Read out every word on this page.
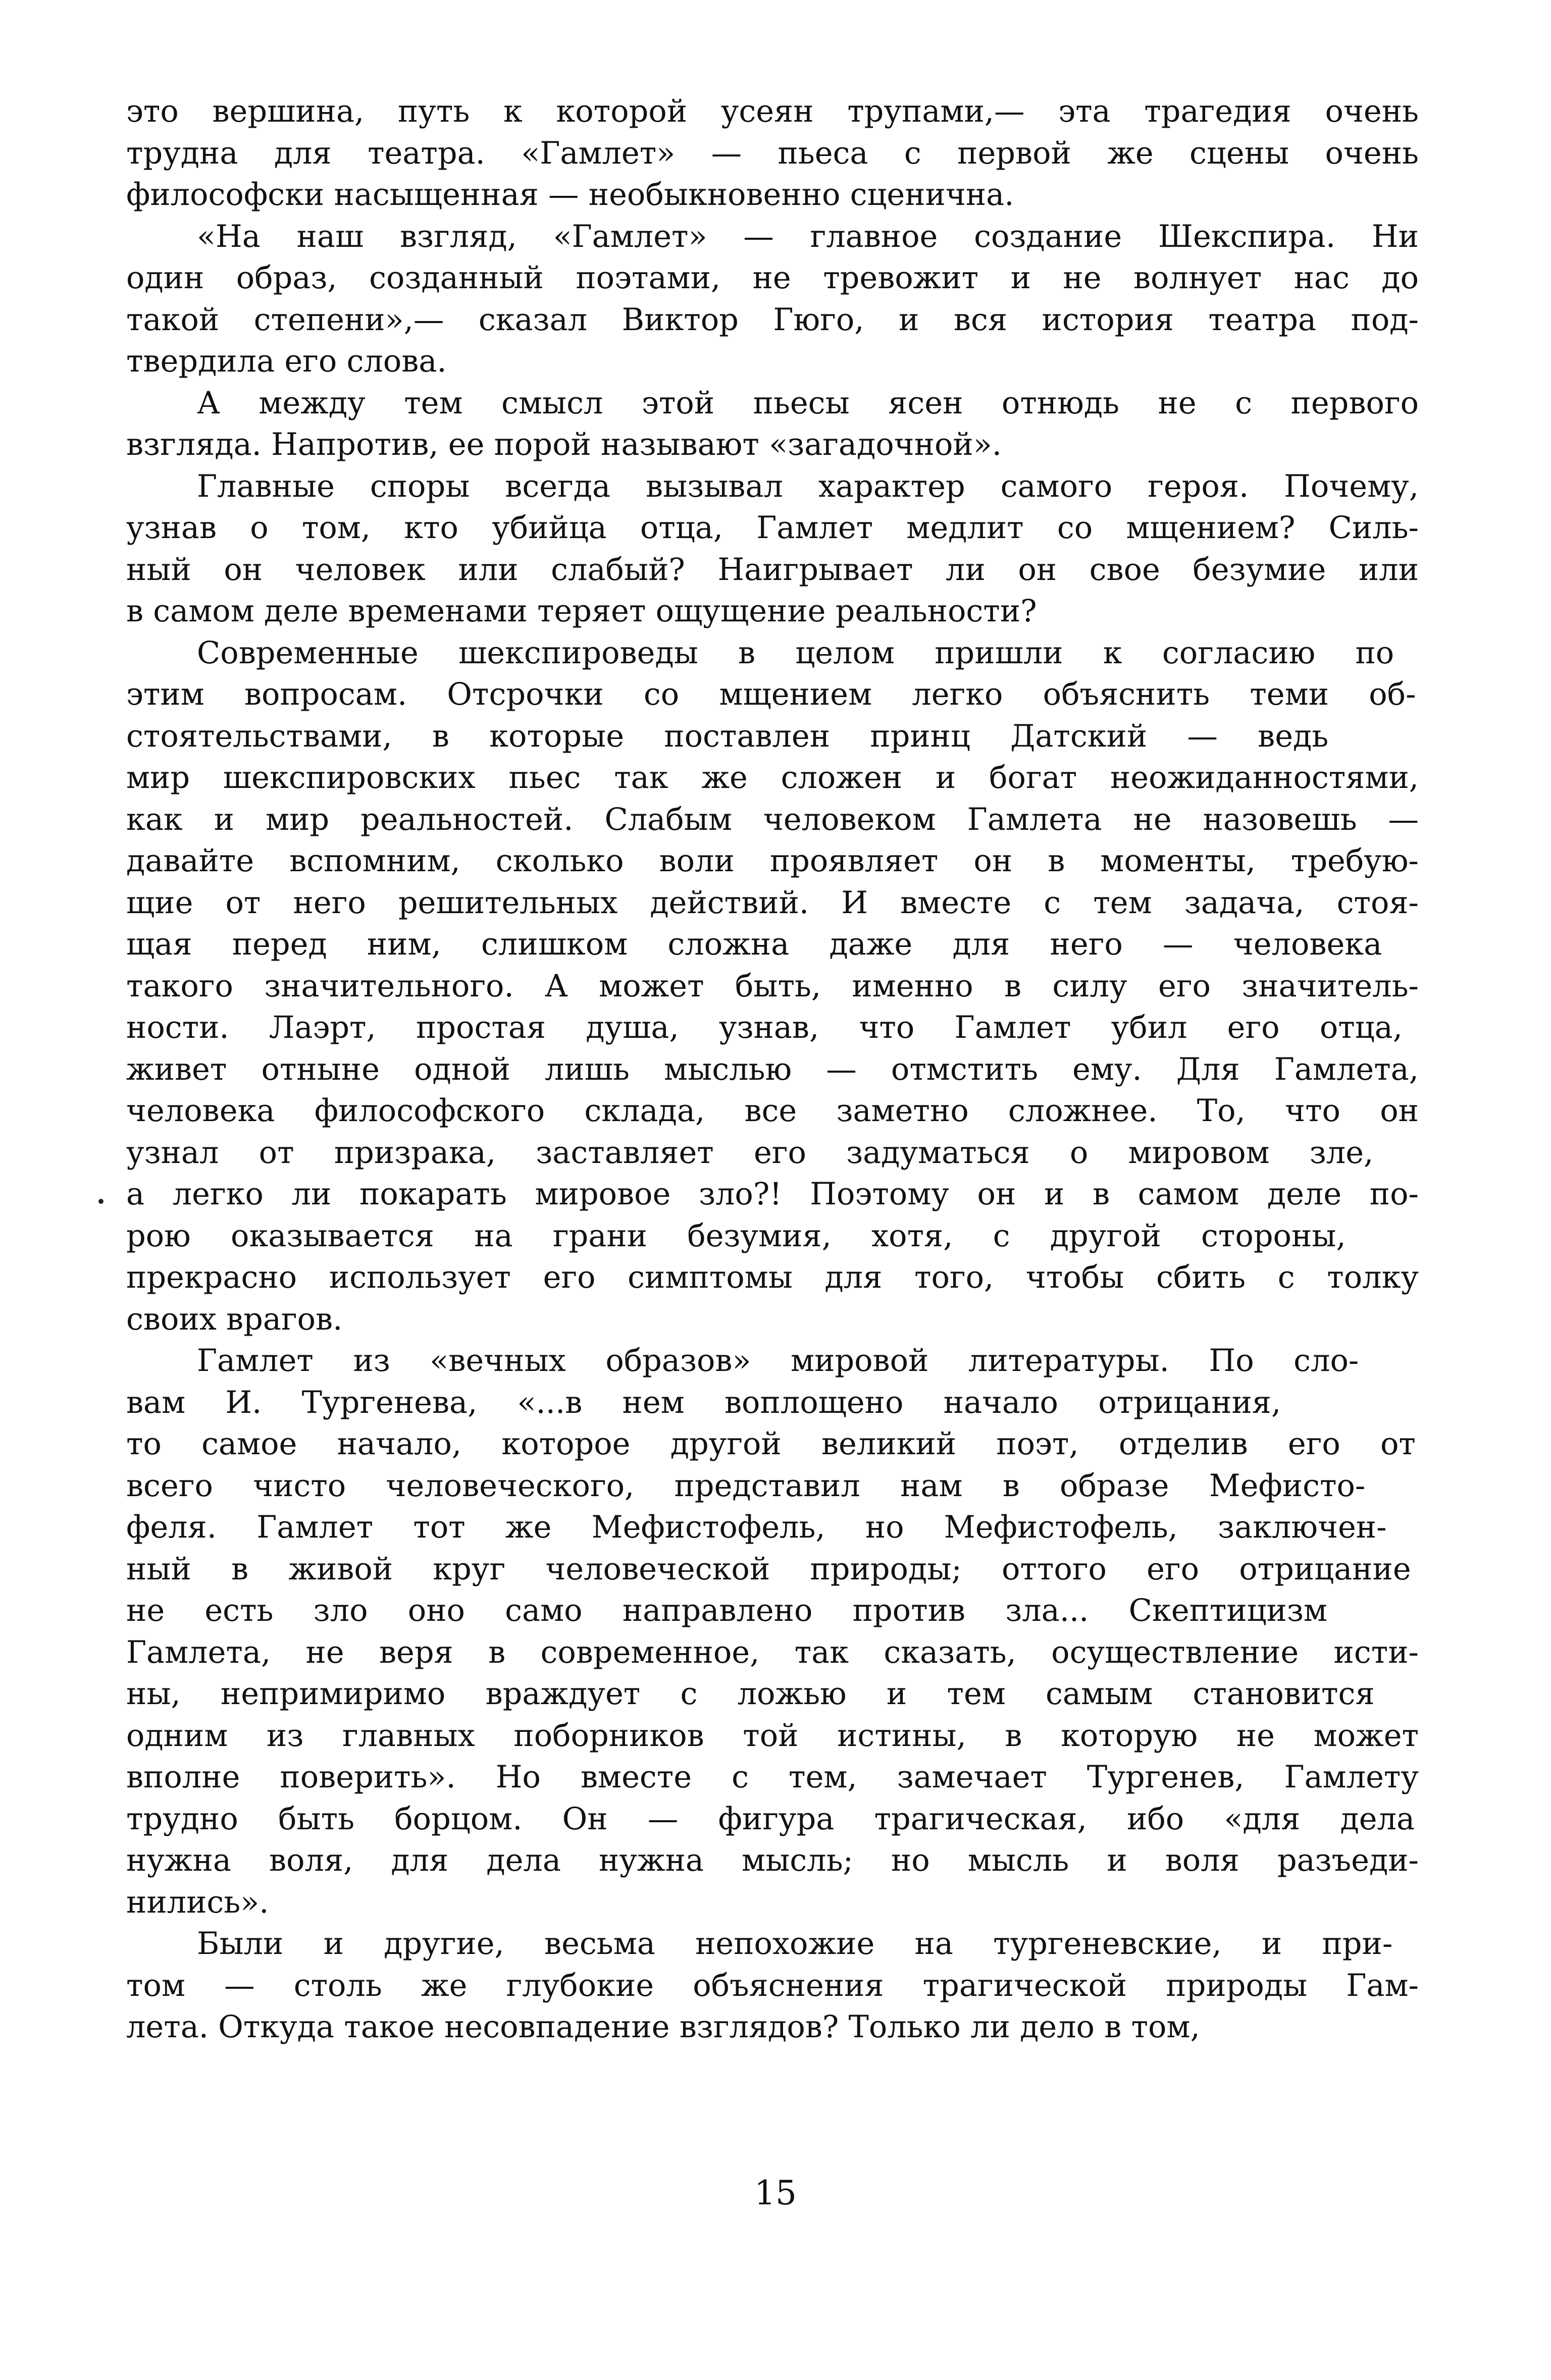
это вершина, путь к которой усеян трупами,— эта трагедия очень
трудна для театра. «Гамлет» — пьеса с первой же сцены очень
философски насыщенная — необыкновенно сценична.

«На наш взгляд, «Гамлет» — главное создание Шекспира. Ни
один образ, созданный поэтами, не тревожит и не волнует нас до
такой степени»,— сказал Виктор Гюго, и вся история театра под-
твердила его слова.

А между тем смысл этой пьесы ясен отнюдь не с первого
взгляда. Напротив, ее порой называют «загадочной».

Главные споры всегда вызывал характер самого героя. Почему,
узнав о том, кто убийца отца, Гамлет медлит со мщением? Силь-
ный он человек или слабый? Наигрывает ли он свое безумие или
в самом деле временами теряет ощущение реальности?

Современные шекспироведы в целом пришли к согласию по
этим вопросам. Отсрочки со мщением легко объяснить теми об-
стоятельствами, в которые поставлен принц Датский — ведь
мир шекспировских пьес так же сложен и богат неожиданностями,
как и мир реальностей. Слабым человеком Гамлета не назовешь —
давайте вспомним, сколько воли проявляет он в моменты, требую-
щие от него решительных действий. И вместе с тем задача, стоя-
щая перед ним, слишком сложна даже для него — человека
такого значительного. А может быть, именно в силу его значитель-
ности. Лаэрт, простая душа, узнав, что Гамлет убил его отца,
живет отныне одной лишь мыслью — отмстить ему. Для Гамлета,
человека философского склада, все заметно сложнее. То, что он
узнал от призрака, заставляет его задуматься о мировом зле,
а легко ли покарать мировое зло?! Поэтому он и в самом деле по-
рою оказывается на грани безумия, хотя, с другой стороны,
прекрасно использует его симптомы для того, чтобы сбить с толку
своих врагов.

Гамлет из «вечных образов» мировой литературы. По сло-
вам И. Тургенева, «...в нем воплощено начало отрицания,
то самое начало, которое другой великий поэт, отделив его от
всего чисто человеческого, представил нам в образе Мефисто-
феля. Гамлет тот же Мефистофель, но Мефистофель, заключен-
ный в живой круг человеческой природы; оттого его отрицание
не есть зло оно само направлено против зла... Скептицизм
Гамлета, не веря в современное, так сказать, осуществление исти-
ны, непримиримо враждует с ложью и тем самым становится
одним из главных поборников той истины, в которую не может
вполне поверить». Но вместе с тем, замечает Тургенев, Гамлету
трудно быть борцом. Он — фигура трагическая, ибо «для дела
нужна воля, для дела нужна мысль; но мысль и воля разъеди-
нились».

Были и другие, весьма непохожие на тургеневские, и при-
том — столь же глубокие объяснения трагической природы Гам-
лета. Откуда такое несовпадение взглядов? Только ли дело в том,

15
